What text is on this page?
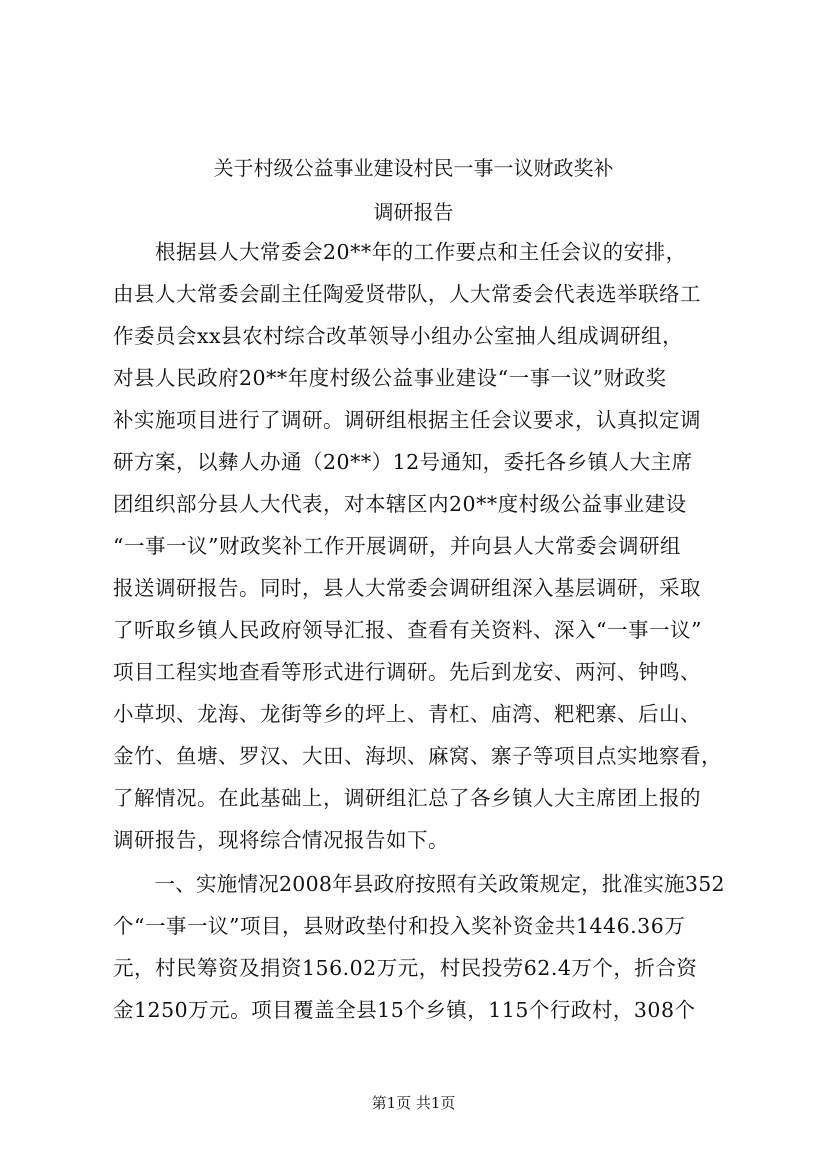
关于村级公益事业建设村民一事一议财政奖补
调研报告
　　根据县人大常委会20**年的工作要点和主任会议的安排，
由县人大常委会副主任陶爱贤带队，人大常委会代表选举联络工
作委员会xx县农村综合改革领导小组办公室抽人组成调研组，
对县人民政府20**年度村级公益事业建设“一事一议”财政奖
补实施项目进行了调研。调研组根据主任会议要求，认真拟定调
研方案，以彝人办通（20**）12号通知，委托各乡镇人大主席
团组织部分县人大代表，对本辖区内20**度村级公益事业建设
“一事一议”财政奖补工作开展调研，并向县人大常委会调研组
报送调研报告。同时，县人大常委会调研组深入基层调研，采取
了听取乡镇人民政府领导汇报、查看有关资料、深入“一事一议”
项目工程实地查看等形式进行调研。先后到龙安、两河、钟鸣、
小草坝、龙海、龙街等乡的坪上、青杠、庙湾、粑粑寨、后山、
金竹、鱼塘、罗汉、大田、海坝、麻窝、寨子等项目点实地察看，
了解情况。在此基础上，调研组汇总了各乡镇人大主席团上报的
调研报告，现将综合情况报告如下。
　　一、实施情况2008年县政府按照有关政策规定，批准实施352
个“一事一议”项目，县财政垫付和投入奖补资金共1446.36万
元，村民筹资及捐资156.02万元，村民投劳62.4万个，折合资
金1250万元。项目覆盖全县15个乡镇，115个行政村，308个
第1页 共1页
